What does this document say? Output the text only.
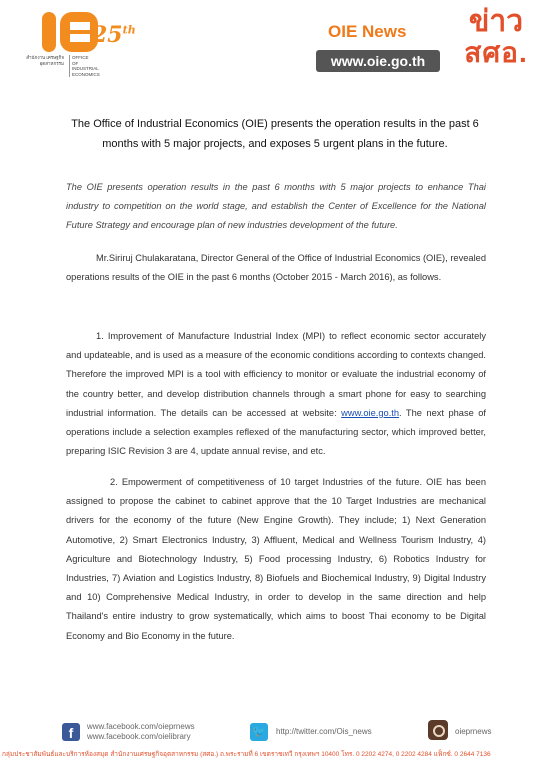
25th
สำนักงาน เศรษฐกิจอุตสาหกรรม
OFFICE
OF INDUSTRIAL ECONOMICS
OIE News
www.oie.go.th
ข่าว
สศอ.
The Office of Industrial Economics (OIE) presents the operation results in the past 6 months with 5 major projects, and exposes 5 urgent plans in the future.
The OIE presents operation results in the past 6 months with 5 major projects to enhance Thai industry to competition on the world stage, and establish the Center of Excellence for the National Future Strategy and encourage plan of new industries development of the future.
Mr.Siriruj Chulakaratana, Director General of the Office of Industrial Economics (OIE), revealed operations results of the OIE in the past 6 months (October 2015 - March 2016), as follows.
1. Improvement of Manufacture Industrial Index (MPI) to reflect economic sector accurately and updateable, and is used as a measure of the economic conditions according to contexts changed. Therefore the improved MPI is a tool with efficiency to monitor or evaluate the industrial economy of the country better, and develop distribution channels through a smart phone for easy to searching industrial information. The details can be accessed at website: www.oie.go.th. The next phase of operations include a selection examples reflexed of the manufacturing sector, which improved better, preparing ISIC Revision 3 are 4, update annual revise, and etc.
2. Empowerment of competitiveness of 10 target Industries of the future. OIE has been assigned to propose the cabinet to cabinet approve that the 10 Target Industries are mechanical drivers for the economy of the future (New Engine Growth). They include; 1) Next Generation Automotive, 2) Smart Electronics Industry, 3) Affluent, Medical and Wellness Tourism Industry, 4) Agriculture and Biotechnology Industry, 5) Food processing Industry, 6) Robotics Industry for Industries, 7) Aviation and Logistics Industry, 8) Biofuels and Biochemical Industry, 9) Digital Industry and 10) Comprehensive Medical Industry, in order to develop in the same direction and help Thailand's entire industry to grow systematically, which aims to boost Thai economy to be Digital Economy and Bio Economy in the future.
f	www.facebook.com/oieprnews
www.facebook.com/oielibrary	🐦 http://twitter.com/Ois_news	oieprnews
กลุ่มประชาสัมพันธ์และบริการห้องสมุด สำนักงานเศรษฐกิจอุตสาหกรรม (สศอ.) ถ.พระรามที่ 6 เขตราชเทวี กรุงเทพฯ 10400 โทร. 0 2202 4274, 0 2202 4284 แฟ็กซ์. 0 2644 7136
